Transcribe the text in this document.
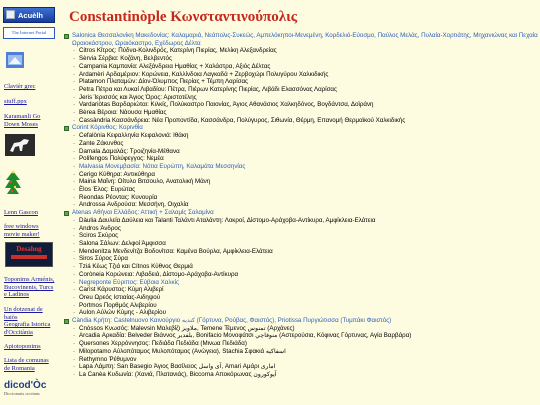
Acuèlh
The Internet Portal
Clavièr grec
stuff.ppx
Karamanli Go Down Moses
Lenn Gascon
free windows movie maker!
Desahog
Toponims Arménis, Bucovinenis, Turcs e Ladinos
Un dotzenat de baiòs
Geografia Istorica d'Occitània
Apiotoponims
Lista de comunas de Romania
dicod'Òc
Diccionaris occitans
Constantinòple Κωνσταντινούπολις
Salonica Θεσσαλονίκη Μακεδονίας: Καλαμαριά, Νεάπολις-Συκεώς, Αμπελόκηποι-Μενεμένη, Κορδελιό-Εύοσμο, Παύλος Μελάς, Πυλαία-Χορτιάτης, Μηχανιώνας και Πεχαία Ωραιοκάστρου, Ωραιόκαστρο, Εχέδωρος Δέλτα
· Citros Κίτρος: Πύδνα-Κολινδρός, Κατερίνη Πιερίας, Μελίκη Αλεξανδρείας
· Sèrvia Σέρβια: Κοζάνη, Βελβεντός
· Campania Καμπανία: Αλεξάνδρεια Ημαθίας + Χαλάστρα, Αξιός Δέλτας
· Ardamèri Αρδαμέριον: Κορώνεια, Καλλίνδοια Λαγκαδά + Ζερβοχώρι Πολυγύρου Χαλκιδικής
· Platamon Πλαταμών: Δίον-Όλυμπος Πιερίας + Τέμπη Λαρίσας
· Petra Πέτρα και Λυκαί Λιβαδίου: Πέτρα, Πιέρων Κατερίνης Πιερίας, Λιβάδι Ελασσόνας Λαρίσας
· Jeris Ίερισσός και Άγιος Όρος: Αριστοτέλης
· Vardariòtas Βαρδαριώται: Κιλκίς, Πολύκαστρο Παιονίας, Άγιος Αθανάσιος Χαλκηδόνος, Βογδάντσα, Δοϊράνη
· Bèrea Βέροια: Νάουσα Ημαθίας
· Cassàndria Κασσάνδρεια: Νέα Προποντίδα, Κασσάνδρα, Πολύγυρος, Σιθωνία, Θέρμη, Επανομή Θερμαϊκού Χαλκιδικής
Corint Κόρινθος: Κορινθία
· Cefalònia Κεφαλληνία Κεφαλονιά: Ιθάκη
· Zante Ζάκυνθος
· Damala Δαμαλάς: Τροιζηνία-Μέθανα
· Polifengos Πολύφεγγος: Νεμέα
· Malvasia Μονεμβασία: Νότια Ευρώπη, Καλαμάτα Μεσσηνίας
· Cerigo Κύθηρα: Αντικύθηρα
· Maina Μαΐνη: Οίτυλο Βιτσουλο, Ανατολική Μάνη
· Èlos Έλος: Ευρώτας
· Reondas Ρέοντας: Κυνουρία
· Androssa Ανδρούσα: Μεσσήνη, Οιχαλία
Atenas Αθήναι Ελλάδος: Αττική + Σαλαμίς Σαλαμίνα
· Dàulia Δαυλεία Δαύλεια και Talanti Ταλάντι Αταλάντη: Λοκροί, Δίστομο-Αράχοβα-Αντίκυρα, Αμφίκλεια-Ελάτεια
· Andros Άνδρος
· Sciros Σκύρος
· Salona Σάλων: Δελφοί Άμφισσα
· Mendenitza Μενδενίτζα Βοδονίτσα: Καμένα Βούρλα, Αμφίκλεια-Ελάτεια
· Siros Σύρος Σύρα
· Tziá Κέως Τζιά και Cítnos Κύθνος Θερμιά
· Coròneia Κορώνεια: Λιβαδειά, Δίστομο-Αράχοβα-Αντίκυρα
· Negreponte Εύριπος: Εύβοια Χαλκίς
· Carìst Κάρυστος: Κύμη Αλιβερί
· Oreu Ωρεός Ιστιαίας-Αιδηψού
· Portmos Πορθμός Αλιβερίου
· Aulon Αὐλών Κύμης - Αλιβερίου
Càndia Κρήτη: Castelnuovo Καινούργιο کنديه (Γόρτυνα, Ρούβας, Φαιστός), Priotissa Πυργιώτισσα (Τυμπάκι Φαιστός)
· Cnòssos Κνωσός: Malevsin Μαλεβίζι ملاويز, Temene Τέμενος تمنوس (Αρχάνες)
· Arcadia Αρκαδία: Belveder Βιάννος بلفدير, Bonifacio Μονοφάτσι منوفاچي (Αστερούσια, Κόφινας Γόρτυνας, Αγία Βαρβάρα)
· Quersones Χερρόννησος: Πεδιάδα Πεδιάδα (Μινωα Πεδιάδα)
· Milopotamo Αὐλοπόταμος Μυλοπόταμος (Ανώγεια), Stachia Σφακιά اسفاکیه
· Rethymno Ῥέθυμνον
· Lapa Λάμπη: San Basegio Άγιος Βασίλειος آی واسل, Amari Αμάρι اماری
· La Canèa Κυδωνία: (Χανιά, Πλατανιάς), Biccorna Αποκόρωνας آپوکورون
